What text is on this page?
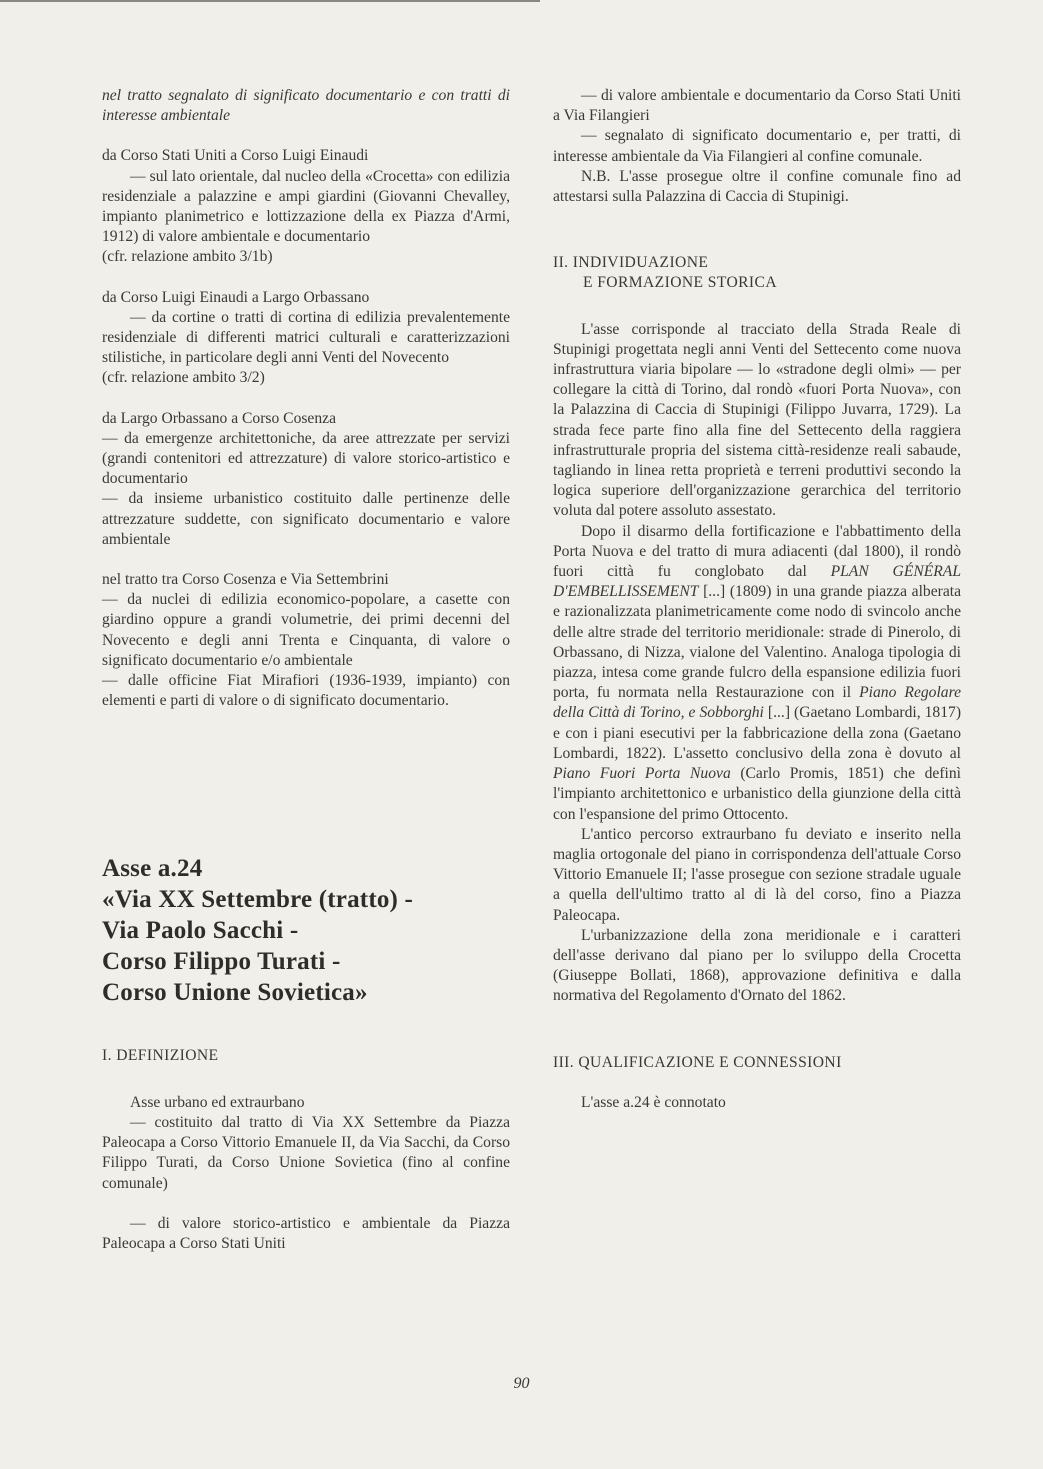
nel tratto segnalato di significato documentario e con tratti di interesse ambientale

da Corso Stati Uniti a Corso Luigi Einaudi

— sul lato orientale, dal nucleo della «Crocetta» con edilizia residenziale a palazzine e ampi giardini (Giovanni Chevalley, impianto planimetrico e lottizzazione della ex Piazza d'Armi, 1912) di valore ambientale e documentario

(cfr. relazione ambito 3/1b)

da Corso Luigi Einaudi a Largo Orbassano

— da cortine o tratti di cortina di edilizia prevalentemente residenziale di differenti matrici culturali e caratterizzazioni stilistiche, in particolare degli anni Venti del Novecento

(cfr. relazione ambito 3/2)

da Largo Orbassano a Corso Cosenza

— da emergenze architettoniche, da aree attrezzate per servizi (grandi contenitori ed attrezzature) di valore storico-artistico e documentario

— da insieme urbanistico costituito dalle pertinenze delle attrezzature suddette, con significato documentario e valore ambientale

nel tratto tra Corso Cosenza e Via Settembrini

— da nuclei di edilizia economico-popolare, a casette con giardino oppure a grandi volumetrie, dei primi decenni del Novecento e degli anni Trenta e Cinquanta, di valore o significato documentario e/o ambientale

— dalle officine Fiat Mirafiori (1936-1939, impianto) con elementi e parti di valore o di significato documentario.

Asse a.24
«Via XX Settembre (tratto) -
Via Paolo Sacchi -
Corso Filippo Turati -
Corso Unione Sovietica»

I. DEFINIZIONE

Asse urbano ed extraurbano

— costituito dal tratto di Via XX Settembre da Piazza Paleocapa a Corso Vittorio Emanuele II, da Via Sacchi, da Corso Filippo Turati, da Corso Unione Sovietica (fino al confine comunale)

— di valore storico-artistico e ambientale da Piazza Paleocapa a Corso Stati Uniti

— di valore ambientale e documentario da Corso Stati Uniti a Via Filangieri

— segnalato di significato documentario e, per tratti, di interesse ambientale da Via Filangieri al confine comunale.

N.B. L'asse prosegue oltre il confine comunale fino ad attestarsi sulla Palazzina di Caccia di Stupinigi.

II. INDIVIDUAZIONE

E FORMAZIONE STORICA

L'asse corrisponde al tracciato della Strada Reale di Stupinigi progettata negli anni Venti del Settecento come nuova infrastruttura viaria bipolare — lo «stradone degli olmi» — per collegare la città di Torino, dal rondò «fuori Porta Nuova», con la Palazzina di Caccia di Stupinigi (Filippo Juvarra, 1729). La strada fece parte fino alla fine del Settecento della raggiera infrastrutturale propria del sistema città-residenze reali sabaude, tagliando in linea retta proprietà e terreni produttivi secondo la logica superiore dell'organizzazione gerarchica del territorio voluta dal potere assoluto assestato.

Dopo il disarmo della fortificazione e l'abbattimento della Porta Nuova e del tratto di mura adiacenti (dal 1800), il rondò fuori città fu conglobato dal PLAN GÉNÉRAL D'EMBELLISSEMENT [...] (1809) in una grande piazza alberata e razionalizzata planimetricamente come nodo di svincolo anche delle altre strade del territorio meridionale: strade di Pinerolo, di Orbassano, di Nizza, vialone del Valentino. Analoga tipologia di piazza, intesa come grande fulcro della espansione edilizia fuori porta, fu normata nella Restaurazione con il Piano Regolare della Città di Torino, e Sobborghi [...] (Gaetano Lombardi, 1817) e con i piani esecutivi per la fabbricazione della zona (Gaetano Lombardi, 1822). L'assetto conclusivo della zona è dovuto al Piano Fuori Porta Nuova (Carlo Promis, 1851) che definì l'impianto architettonico e urbanistico della giunzione della città con l'espansione del primo Ottocento.

L'antico percorso extraurbano fu deviato e inserito nella maglia ortogonale del piano in corrispondenza dell'attuale Corso Vittorio Emanuele II; l'asse prosegue con sezione stradale uguale a quella dell'ultimo tratto al di là del corso, fino a Piazza Paleocapa.

L'urbanizzazione della zona meridionale e i caratteri dell'asse derivano dal piano per lo sviluppo della Crocetta (Giuseppe Bollati, 1868), approvazione definitiva e dalla normativa del Regolamento d'Ornato del 1862.

III. QUALIFICAZIONE E CONNESSIONI

L'asse a.24 è connotato

90
